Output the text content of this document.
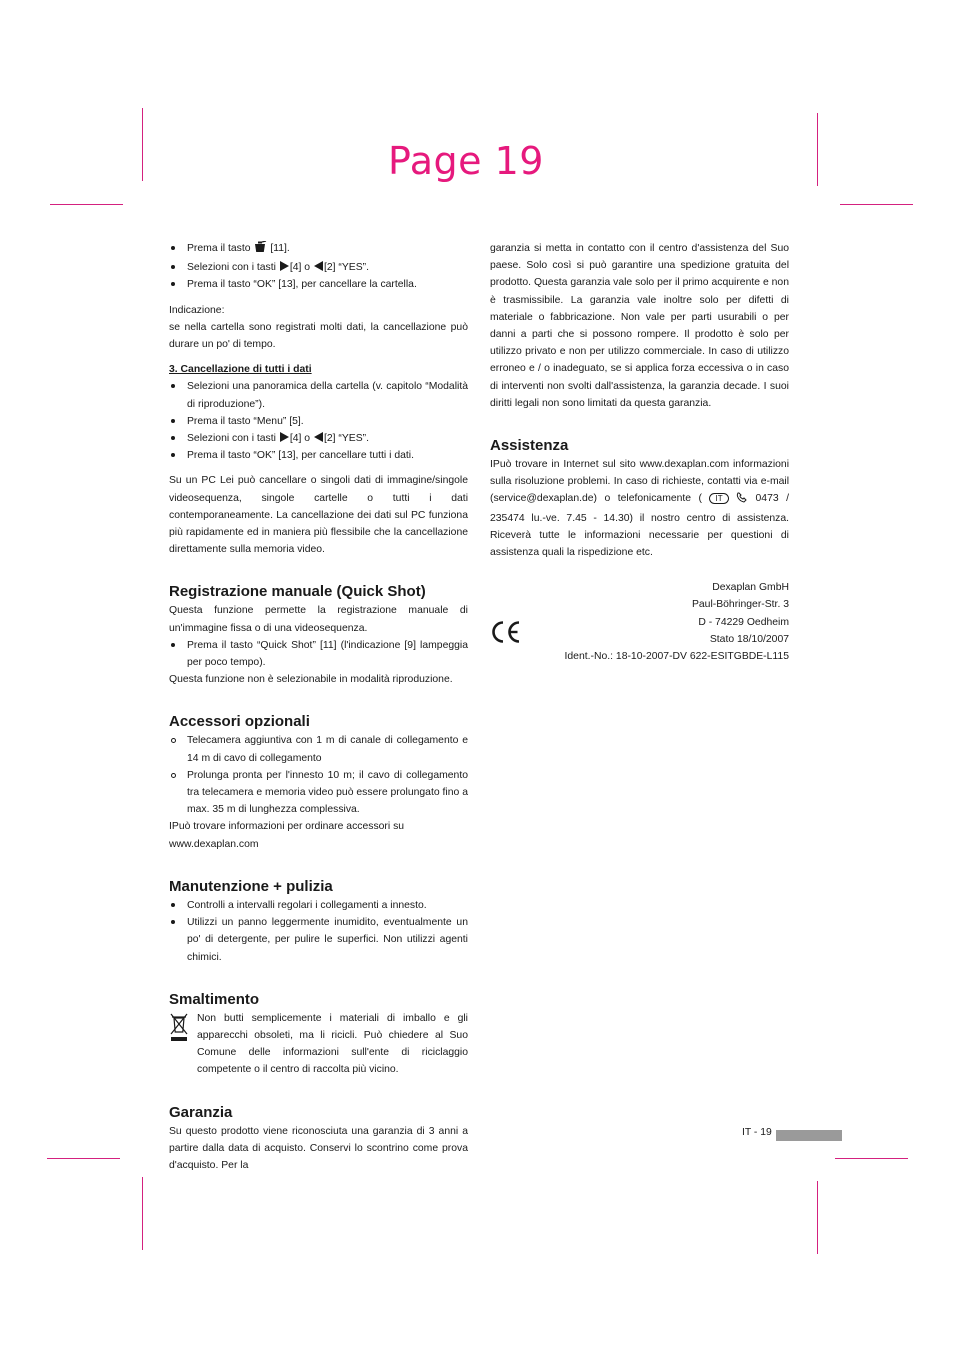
Page 19
Prema il tasto [11].
Selezioni con i tasti [4] o [2] “YES”.
Prema il tasto “OK” [13], per cancellare la cartella.

Indicazione:

se nella cartella sono registrati molti dati, la cancellazione può durare un po' di tempo.

3. Cancellazione di tutti i dati

Selezioni una panoramica della cartella (v. capitolo “Modalità di riproduzione”).
Prema il tasto “Menu” [5].
Selezioni con i tasti [4] o [2] “YES”.
Prema il tasto “OK” [13], per cancellare tutti i dati.

Su un PC Lei può cancellare o singoli dati di immagine/singole videosequenza, singole cartelle o tutti i dati contemporaneamente. La cancellazione dei dati sul PC funziona più rapidamente ed in maniera più flessibile che la cancellazione direttamente sulla memoria video.

Registrazione manuale (Quick Shot)

Questa funzione permette la registrazione manuale di un'immagine fissa o di una videosequenza.

Prema il tasto “Quick Shot” [11] (l'indicazione [9] lampeggia per poco tempo).

Questa funzione non è selezionabile in modalità riproduzione.

Accessori opzionali
Telecamera aggiuntiva con 1 m di canale di collegamento e 14 m di cavo di collegamento
Prolunga pronta per l'innesto 10 m; il cavo di collegamento tra telecamera e memoria video può essere prolungato fino a max. 35 m di lunghezza complessiva.

IPuò trovare informazioni per ordinare accessori su www.dexaplan.com

Manutenzione + pulizia
Controlli a intervalli regolari i collegamenti a innesto.
Utilizzi un panno leggermente inumidito, eventualmente un po' di detergente, per pulire le superfici. Non utilizzi agenti chimici.
Smaltimento

Non butti semplicemente i materiali di imballo e gli apparecchi obsoleti, ma li ricicli. Può chiedere al Suo Comune delle informazioni sull'ente di riciclaggio competente o il centro di raccolta più vicino.

Garanzia

Su questo prodotto viene riconosciuta una garanzia di 3 anni a partire dalla data di acquisto. Conservi lo scontrino come prova d'acquisto. Per la

garanzia si metta in contatto con il centro d'assistenza del Suo paese. Solo così si può garantire una spedizione gratuita del prodotto. Questa garanzia vale solo per il primo acquirente e non è trasmissibile. La garanzia vale inoltre solo per difetti di materiale o fabbricazione. Non vale per parti usurabili o per danni a parti che si possono rompere. Il prodotto è solo per utilizzo privato e non per utilizzo commerciale. In caso di utilizzo erroneo e / o inadeguato, se si applica forza eccessiva o in caso di interventi non svolti dall'assistenza, la garanzia decade. I suoi diritti legali non sono limitati da questa garanzia.

Assistenza

IPuò trovare in Internet sul sito www.dexaplan.com informazioni sulla risoluzione problemi. In caso di richieste, contatti via e-mail (service@dexaplan.de) o telefonicamente ( IT	0473 / 235474 lu.-ve. 7.45 - 14.30) il nostro centro di assistenza. Riceverà tutte le informazioni necessarie per questioni di assistenza quali la rispedizione etc.

Dexaplan GmbH

Paul-Böhringer-Str. 3

D - 74229 Oedheim

Stato 18/10/2007

Ident.-No.: 18-10-2007-DV 622-ESITGBDE-L115

IT - 19
